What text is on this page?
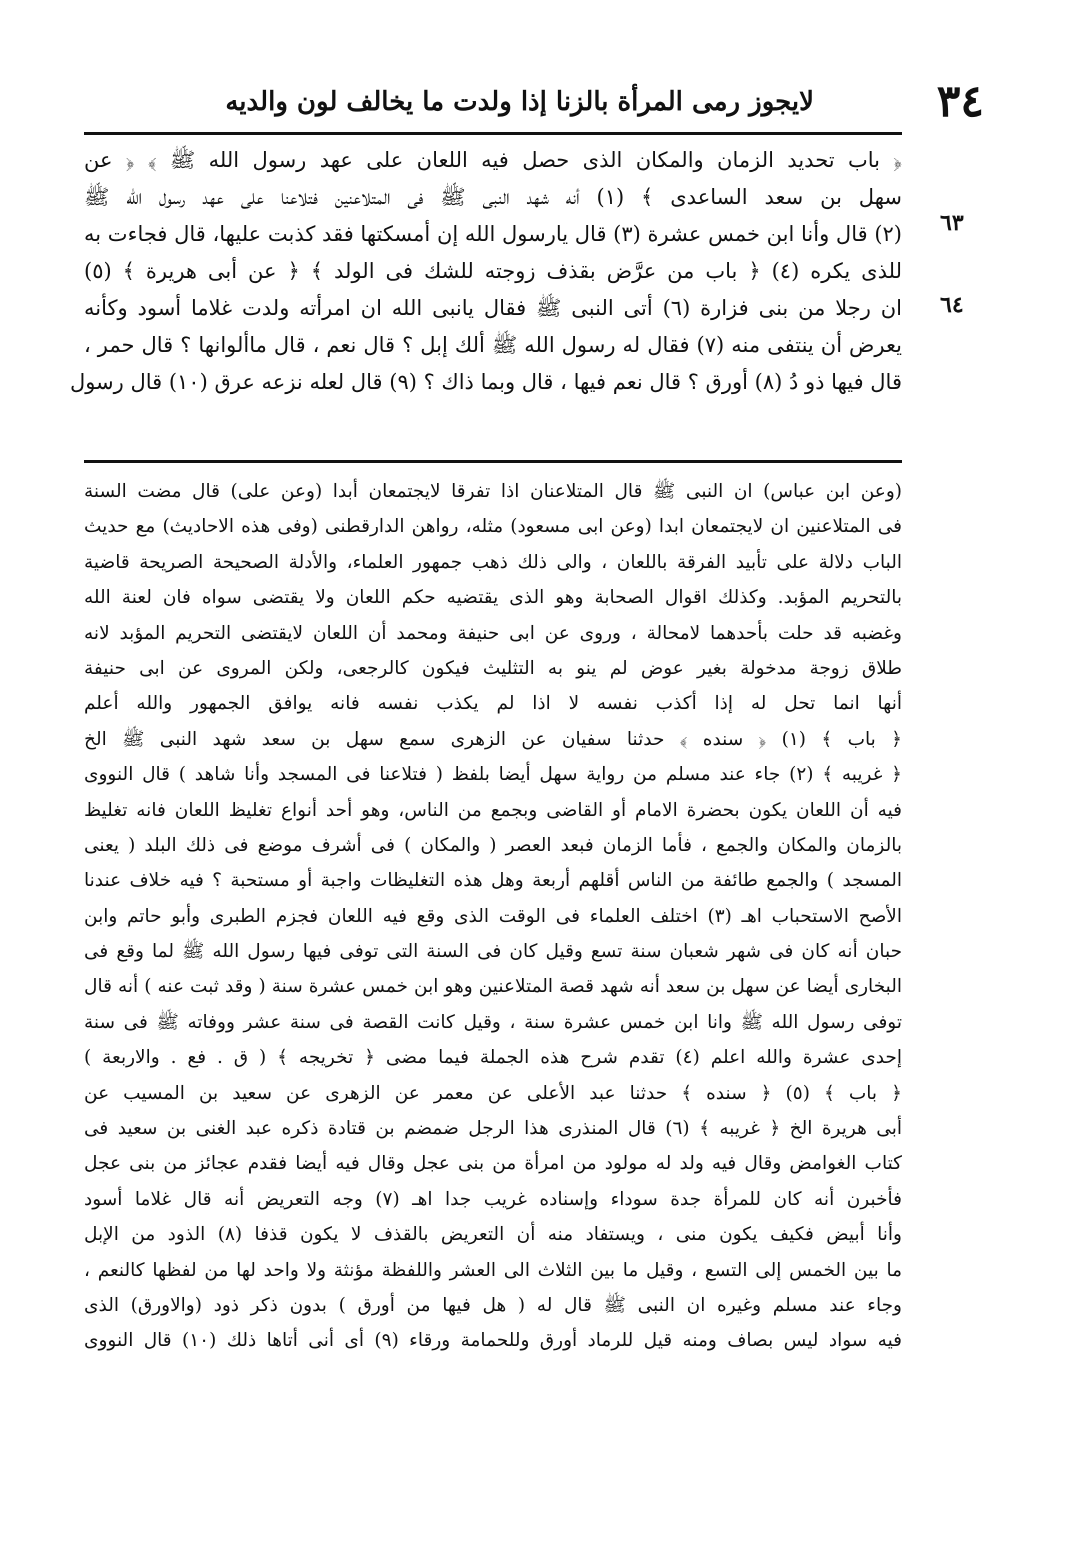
٣٤
لايجوز رمى المرأة بالزنا إذا ولدت ما يخالف لون والديه
٦٣
٦٤
﴿ باب تحديد الزمان والمكان الذى حصل فيه اللعان على عهد رسول الله ﷺ ﴾ ﴿ عن
سهل بن سعد الساعدى ﴾ (١) أنه شهد النبى ﷺ فى المتلاعنين فتلاعنا على عهد رسول الله ﷺ
(٢) قال وأنا ابن خمس عشرة (٣) قال يارسول الله إن أمسكتها فقد كذبت عليها، قال فجاءت به
للذى يكره (٤) ﴿ باب من عرَّض بقذف زوجته للشك فى الولد ﴾ ﴿ عن أبى هريرة ﴾ (٥)
ان رجلا من بنى فزارة (٦) أتى النبى ﷺ فقال يانبى الله ان امرأته ولدت غلاما أسود وكأنه
يعرض أن ينتفى منه (٧) فقال له رسول الله ﷺ ألك إبل ؟ قال نعم ، قال ماألوانها ؟ قال حمر ،
قال فيها ذو دُ (٨) أورق ؟ قال نعم فيها ، قال وبما ذاك ؟ (٩) قال لعله نزعه عرق (١٠) قال رسول
(وعن ابن عباس) ان النبى ﷺ قال المتلاعنان اذا تفرقا لايجتمعان أبدا (وعن على) قال مضت السنة
فى المتلاعنين ان لايجتمعان ابدا (وعن ابى مسعود) مثله، رواهن الدارقطنى (وفى هذه الاحاديث) مع حديث
الباب دلالة على تأبيد الفرقة باللعان ، والى ذلك ذهب جمهور العلماء، والأدلة الصحيحة الصريحة قاضية
بالتحريم المؤبد. وكذلك اقوال الصحابة وهو الذى يقتضيه حكم اللعان ولا يقتضى سواه فان لعنة الله
وغضبه قد حلت بأحدهما لامحالة ، وروى عن ابى حنيفة ومحمد أن اللعان لايقتضى التحريم المؤبد لانه
طلاق زوجة مدخولة بغير عوض لم ينو به التثليث فيكون كالرجعى، ولكن المروى عن ابى حنيفة
أنها انما تحل له إذا أكذب نفسه لا اذا لم يكذب نفسه فانه يوافق الجمهور والله أعلم
﴿ باب ﴾ (١) ﴿ سنده ﴾ حدثنا سفيان عن الزهرى سمع سهل بن سعد شهد النبى ﷺ الخ
﴿ غريبه ﴾ (٢) جاء عند مسلم من رواية سهل أيضا بلفظ ( فتلاعنا فى المسجد وأنا شاهد ) قال النووى
فيه أن اللعان يكون بحضرة الامام أو القاضى وبجمع من الناس، وهو أحد أنواع تغليظ اللعان فانه تغليظ
بالزمان والمكان والجمع ، فأما الزمان فبعد العصر ( والمكان ) فى أشرف موضع فى ذلك البلد ( يعنى
المسجد ) والجمع طائفة من الناس أقلهم أربعة وهل هذه التغليظات واجبة أو مستحبة ؟ فيه خلاف عندنا
الأصح الاستحباب اهـ (٣) اختلف العلماء فى الوقت الذى وقع فيه اللعان فجزم الطبرى وأبو حاتم وابن
حبان أنه كان فى شهر شعبان سنة تسع وقيل كان فى السنة التى توفى فيها رسول الله ﷺ لما وقع فى
البخارى أيضا عن سهل بن سعد أنه شهد قصة المتلاعنين وهو ابن خمس عشرة سنة ( وقد ثبت عنه ) أنه قال
توفى رسول الله ﷺ وانا ابن خمس عشرة سنة ، وقيل كانت القصة فى سنة عشر ووفاته ﷺ فى سنة
إحدى عشرة والله اعلم (٤) تقدم شرح هذه الجملة فيما مضى ﴿ تخريجه ﴾ ( ق . فع . والاربعة )
﴿ باب ﴾ (٥) ﴿ سنده ﴾ حدثنا عبد الأعلى عن معمر عن الزهرى عن سعيد بن المسيب عن
أبى هريرة الخ ﴿ غريبه ﴾ (٦) قال المنذرى هذا الرجل ضمضم بن قتادة ذكره عبد الغنى بن سعيد فى
كتاب الغوامض وقال فيه ولد له مولود من امرأة من بنى عجل وقال فيه أيضا فقدم عجائز من بنى عجل
فأخبرن أنه كان للمرأة جدة سوداء وإسناده غريب جدا اهـ (٧) وجه التعريض أنه قال غلاما أسود
وأنا أبيض فكيف يكون منى ، ويستفاد منه أن التعريض بالقذف لا يكون قذفا (٨) الذود من الإبل
ما بين الخمس إلى التسع ، وقيل ما بين الثلاث الى العشر واللفظة مؤنثة ولا واحد لها من لفظها كالنعم ،
وجاء عند مسلم وغيره ان النبى ﷺ قال له ( هل فيها من أورق ) بدون ذكر ذود (والاورق) الذى
فيه سواد ليس بصاف ومنه قيل للرماد أورق وللحمامة ورقاء (٩) أى أنى أتاها ذلك (١٠) قال النووى
